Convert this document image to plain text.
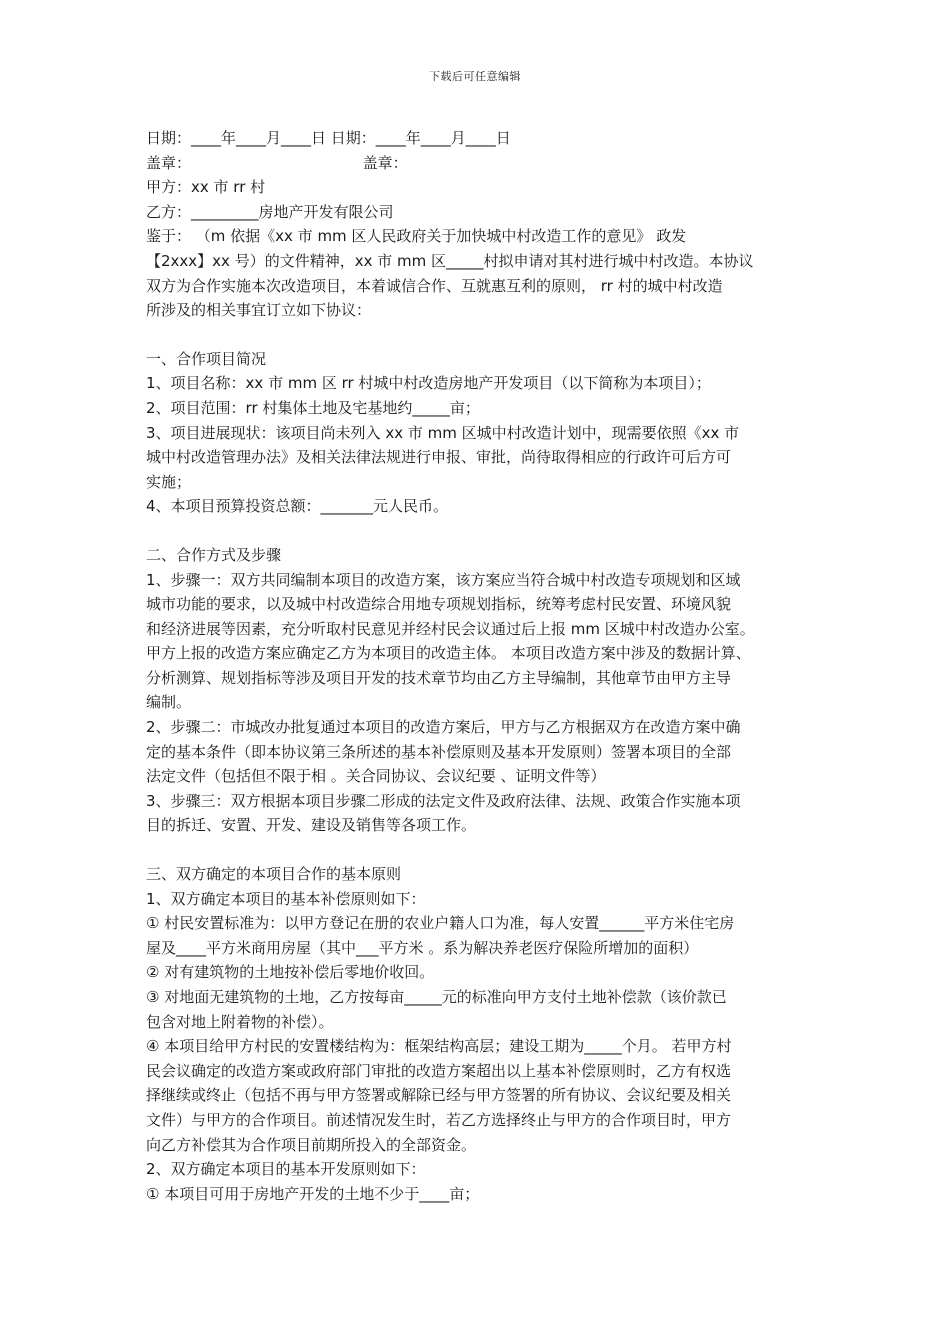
下载后可任意编辑
日期：____年____月____日 日期：____年____月____日
盖章：                                    盖章：
甲方：xx 市 rr 村
乙方：_________房地产开发有限公司
鉴于： （m 依据《xx 市 mm 区人民政府关于加快城中村改造工作的意见》 政发
【2xxx】xx 号）的文件精神，xx 市 mm 区_____村拟申请对其村进行城中村改造。本协议
双方为合作实施本次改造项目，本着诚信合作、互就惠互利的原则， rr 村的城中村改造
所涉及的相关事宜订立如下协议：
一、合作项目简况
1、项目名称：xx 市 mm 区 rr 村城中村改造房地产开发项目（以下简称为本项目）；
2、项目范围：rr 村集体土地及宅基地约_____亩；
3、项目进展现状：该项目尚未列入 xx 市 mm 区城中村改造计划中，现需要依照《xx 市
城中村改造管理办法》及相关法律法规进行申报、审批，尚待取得相应的行政许可后方可
实施；
4、本项目预算投资总额：_______元人民币。
二、合作方式及步骤
1、步骤一：双方共同编制本项目的改造方案，该方案应当符合城中村改造专项规划和区域
城市功能的要求，以及城中村改造综合用地专项规划指标，统筹考虑村民安置、环境风貌
和经济进展等因素，充分听取村民意见并经村民会议通过后上报 mm 区城中村改造办公室。
甲方上报的改造方案应确定乙方为本项目的改造主体。 本项目改造方案中涉及的数据计算、
分析测算、规划指标等涉及项目开发的技术章节均由乙方主导编制，其他章节由甲方主导
编制。
2、步骤二：市城改办批复通过本项目的改造方案后，甲方与乙方根据双方在改造方案中确
定的基本条件（即本协议第三条所述的基本补偿原则及基本开发原则）签署本项目的全部
法定文件（包括但不限于相 。关合同协议、会议纪要 、证明文件等）
3、步骤三：双方根据本项目步骤二形成的法定文件及政府法律、法规、政策合作实施本项
目的拆迁、安置、开发、建设及销售等各项工作。
三、双方确定的本项目合作的基本原则
1、双方确定本项目的基本补偿原则如下：
① 村民安置标准为：以甲方登记在册的农业户籍人口为准，每人安置______平方米住宅房
屋及____平方米商用房屋（其中___平方米 。系为解决养老医疗保险所增加的面积）
② 对有建筑物的土地按补偿后零地价收回。
③ 对地面无建筑物的土地，乙方按每亩_____元的标准向甲方支付土地补偿款（该价款已
包含对地上附着物的补偿）。
④ 本项目给甲方村民的安置楼结构为：框架结构高层；建设工期为_____个月。 若甲方村
民会议确定的改造方案或政府部门审批的改造方案超出以上基本补偿原则时，乙方有权选
择继续或终止（包括不再与甲方签署或解除已经与甲方签署的所有协议、会议纪要及相关
文件）与甲方的合作项目。前述情况发生时，若乙方选择终止与甲方的合作项目时，甲方
向乙方补偿其为合作项目前期所投入的全部资金。
2、双方确定本项目的基本开发原则如下：
① 本项目可用于房地产开发的土地不少于____亩；
